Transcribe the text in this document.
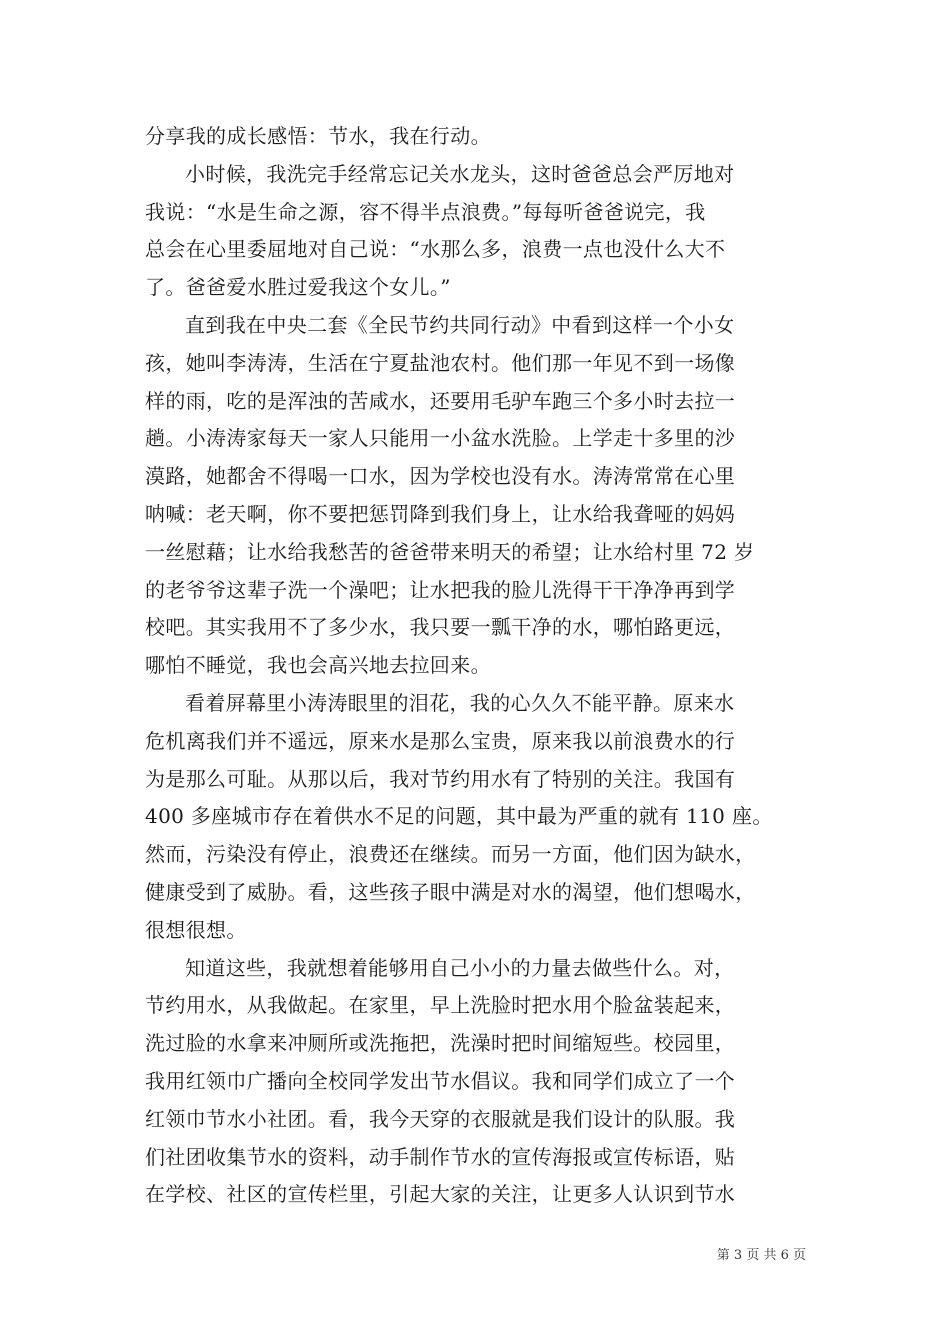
分享我的成长感悟：节水，我在行动。
小时候，我洗完手经常忘记关水龙头，这时爸爸总会严厉地对
我说：“水是生命之源，容不得半点浪费。”每每听爸爸说完，我
总会在心里委屈地对自己说：“水那么多，浪费一点也没什么大不
了。爸爸爱水胜过爱我这个女儿。”
直到我在中央二套《全民节约共同行动》中看到这样一个小女
孩，她叫李涛涛，生活在宁夏盐池农村。他们那一年见不到一场像
样的雨，吃的是浑浊的苦咸水，还要用毛驴车跑三个多小时去拉一
趟。小涛涛家每天一家人只能用一小盆水洗脸。上学走十多里的沙
漠路，她都舍不得喝一口水，因为学校也没有水。涛涛常常在心里
呐喊：老天啊，你不要把惩罚降到我们身上，让水给我聋哑的妈妈
一丝慰藉；让水给我愁苦的爸爸带来明天的希望；让水给村里 72 岁
的老爷爷这辈子洗一个澡吧；让水把我的脸儿洗得干干净净再到学
校吧。其实我用不了多少水，我只要一瓢干净的水，哪怕路更远，
哪怕不睡觉，我也会高兴地去拉回来。
看着屏幕里小涛涛眼里的泪花，我的心久久不能平静。原来水
危机离我们并不遥远，原来水是那么宝贵，原来我以前浪费水的行
为是那么可耻。从那以后，我对节约用水有了特别的关注。我国有
400 多座城市存在着供水不足的问题，其中最为严重的就有 110 座。
然而，污染没有停止，浪费还在继续。而另一方面，他们因为缺水，
健康受到了威胁。看，这些孩子眼中满是对水的渴望，他们想喝水，
很想很想。
知道这些，我就想着能够用自己小小的力量去做些什么。对，
节约用水，从我做起。在家里，早上洗脸时把水用个脸盆装起来，
洗过脸的水拿来冲厕所或洗拖把，洗澡时把时间缩短些。校园里，
我用红领巾广播向全校同学发出节水倡议。我和同学们成立了一个
红领巾节水小社团。看，我今天穿的衣服就是我们设计的队服。我
们社团收集节水的资料，动手制作节水的宣传海报或宣传标语，贴
在学校、社区的宣传栏里，引起大家的关注，让更多人认识到节水
第 3 页 共 6 页
